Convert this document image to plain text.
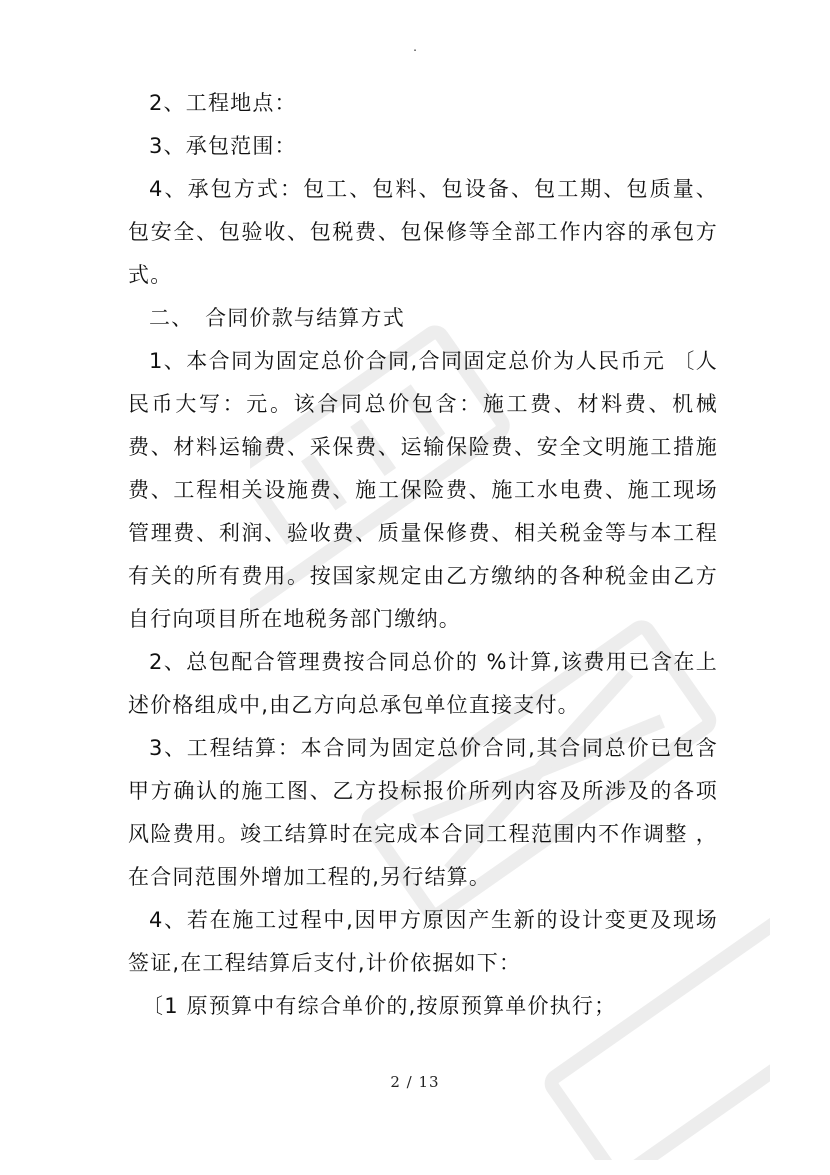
.

2、工程地点：

3、承包范围：

4、承包方式：包工、包料、包设备、包工期、包质量、包安全、包验收、包税费、包保修等全部工作内容的承包方式。

二、　合同价款与结算方式

1、本合同为固定总价合同,合同固定总价为人民币元 〔人民币大写：元。该合同总价包含：施工费、材料费、机械费、材料运输费、采保费、运输保险费、安全文明施工措施费、工程相关设施费、施工保险费、施工水电费、施工现场管理费、利润、验收费、质量保修费、相关税金等与本工程有关的所有费用。按国家规定由乙方缴纳的各种税金由乙方自行向项目所在地税务部门缴纳。

2、总包配合管理费按合同总价的 %计算,该费用已含在上述价格组成中,由乙方向总承包单位直接支付。

3、工程结算：本合同为固定总价合同,其合同总价已包含甲方确认的施工图、乙方投标报价所列内容及所涉及的各项风险费用。竣工结算时在完成本合同工程范围内不作调整 ，在合同范围外增加工程的,另行结算。

4、若在施工过程中,因甲方原因产生新的设计变更及现场签证,在工程结算后支付,计价依据如下：

〔1 原预算中有综合单价的,按原预算单价执行；

2 / 13
